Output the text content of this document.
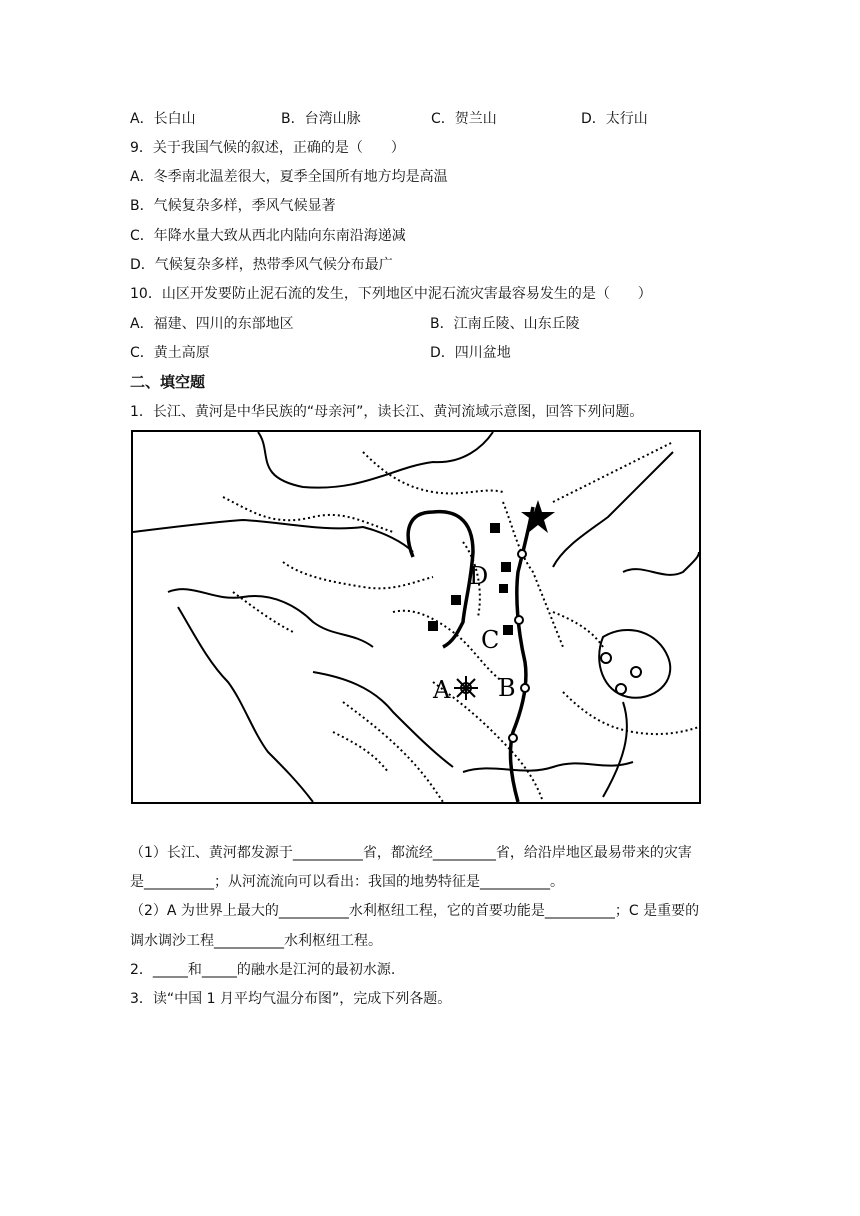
A．长白山	B．台湾山脉	C．贺兰山	D．太行山
9．关于我国气候的叙述，正确的是（　　）
A．冬季南北温差很大，夏季全国所有地方均是高温
B．气候复杂多样，季风气候显著
C．年降水量大致从西北内陆向东南沿海递减
D．气候复杂多样，热带季风气候分布最广
10．山区开发要防止泥石流的发生，下列地区中泥石流灾害最容易发生的是（　　）
A．福建、四川的东部地区	B．江南丘陵、山东丘陵
C．黄土高原	D．四川盆地
二、填空题
1．长江、黄河是中华民族的“母亲河”，读长江、黄河流域示意图，回答下列问题。
D
C
A B
（1）长江、黄河都发源于__________省，都流经_________省，给沿岸地区最易带来的灾害
是__________；从河流流向可以看出：我国的地势特征是__________。
（2）A 为世界上最大的__________水利枢纽工程，它的首要功能是__________；C 是重要的
调水调沙工程__________水利枢纽工程。
2．_____和_____的融水是江河的最初水源.
3．读“中国 1 月平均气温分布图”，完成下列各题。
